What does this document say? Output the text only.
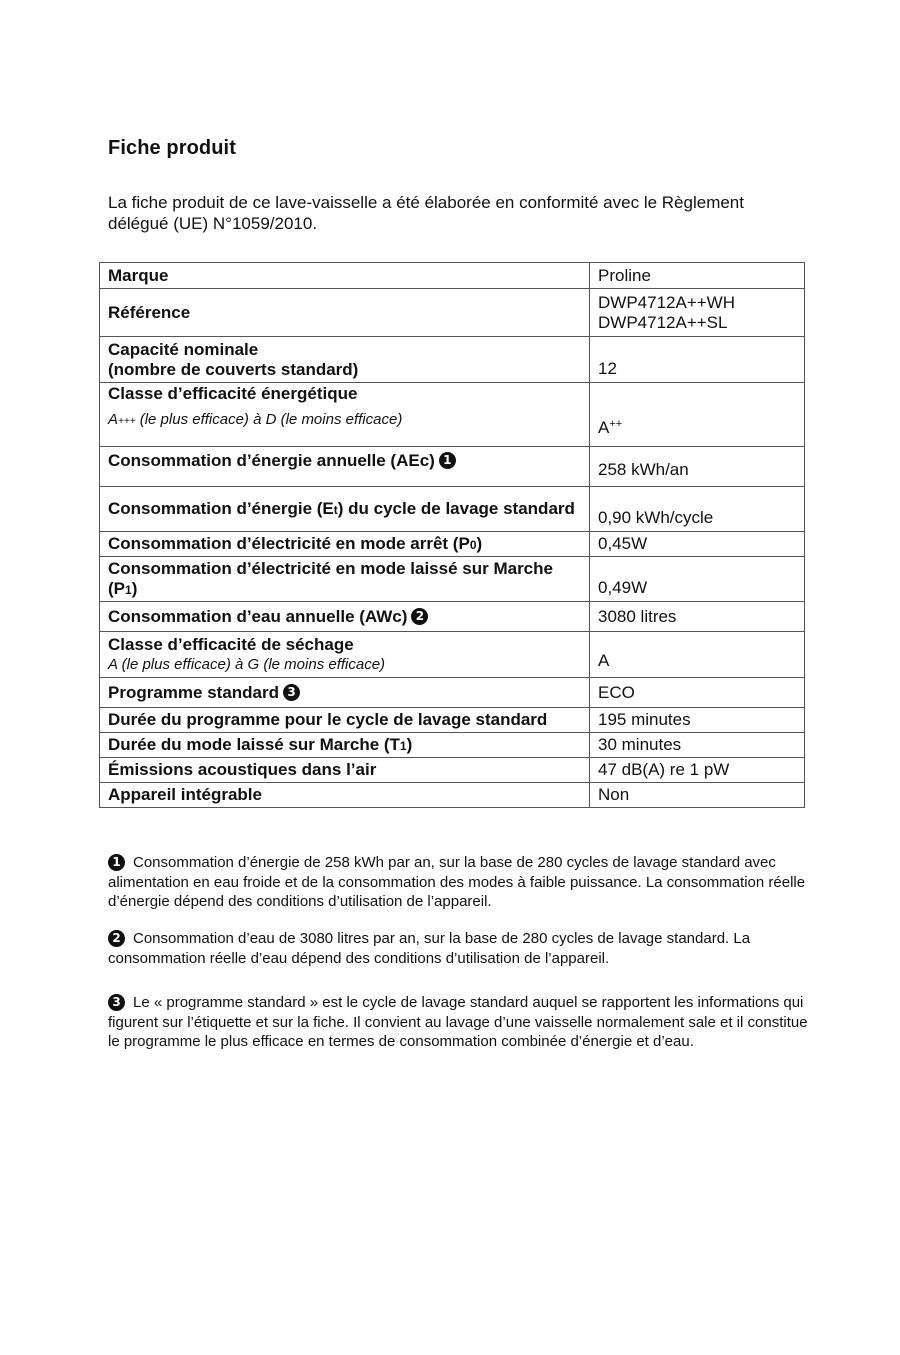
Fiche produit

La fiche produit de ce lave-vaisselle a été élaborée en conformité avec le Règlement délégué (UE) N°1059/2010.

Marque	Proline
Référence	DWP4712A++WH
DWP4712A++SL

Capacité nominale
(nombre de couverts standard)	12

Classe d’efficacité énergétique
A+++ (le plus efficace) à D (le moins efficace)	A++
Consommation d’énergie annuelle (AEc) 1	258 kWh/an
Consommation d’énergie (Et) du cycle de lavage standard	0,90 kWh/cycle
Consommation d’électricité en mode arrêt (P0)	0,45W
Consommation d’électricité en mode laissé sur Marche (P1)	0,49W
Consommation d’eau annuelle (AWc) 2	3080 litres

Classe d’efficacité de séchage
A (le plus efficace) à G (le moins efficace)	A
Programme standard 3	ECO
Durée du programme pour le cycle de lavage standard	195 minutes
Durée du mode laissé sur Marche (T1)	30 minutes
Émissions acoustiques dans l’air	47 dB(A) re 1 pW
Appareil intégrable	Non

1 Consommation d’énergie de 258 kWh par an, sur la base de 280 cycles de lavage standard avec alimentation en eau froide et de la consommation des modes à faible puissance. La consommation réelle d’énergie dépend des conditions d’utilisation de l’appareil.

2 Consommation d’eau de 3080 litres par an, sur la base de 280 cycles de lavage standard. La consommation réelle d’eau dépend des conditions d’utilisation de l’appareil.

3 Le « programme standard » est le cycle de lavage standard auquel se rapportent les informations qui figurent sur l’étiquette et sur la fiche. Il convient au lavage d’une vaisselle normalement sale et il constitue le programme le plus efficace en termes de consommation combinée d’énergie et d’eau.
